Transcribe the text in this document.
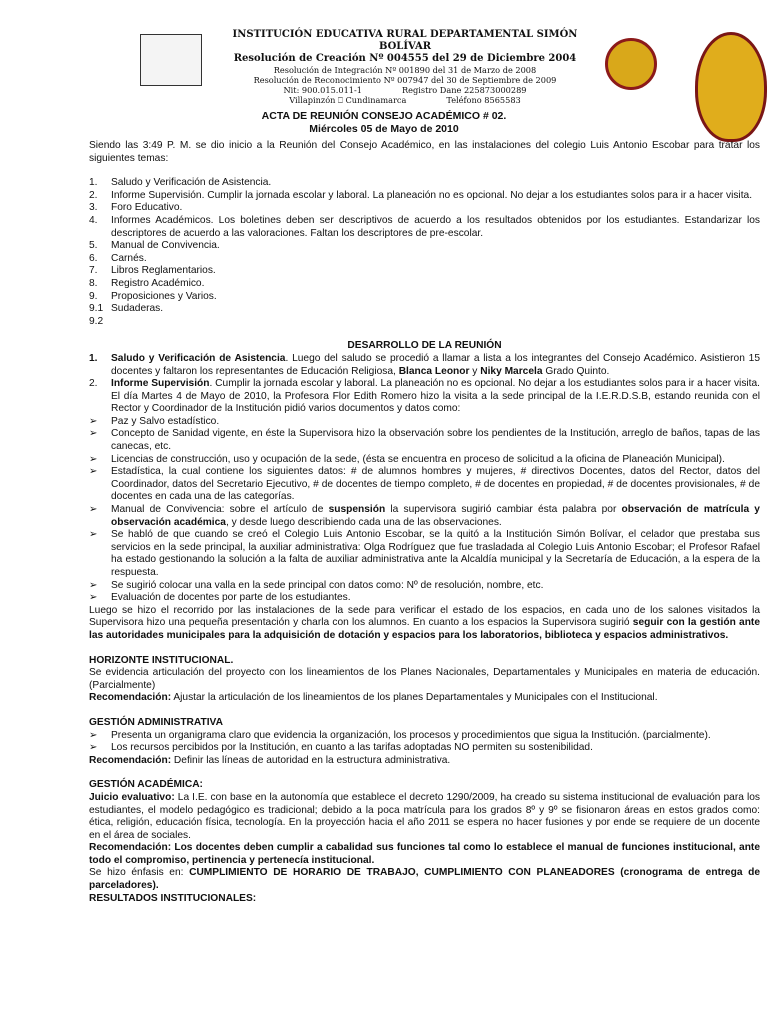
INSTITUCIÓN EDUCATIVA RURAL DEPARTAMENTAL SIMÓN BOLÍVAR
Resolución de Creación Nº 004555 del 29 de Diciembre 2004
Resolución de Integración Nº 001890 del 31 de Marzo de 2008
Resolución de Reconocimiento Nº 007947 del 30 de Septiembre de 2009
Nit: 900.015.011-1	Registro Dane 225873000289
Villapinzón ⎕ Cundinamarca	Teléfono 8565583
ACTA DE REUNIÓN CONSEJO ACADÉMICO # 02.
Miércoles 05 de Mayo de 2010

Siendo las 3:49 P. M. se dio inicio a la Reunión del Consejo Académico, en las instalaciones del colegio Luis Antonio Escobar para tratar los siguientes temas:

1.	Saludo y Verificación de Asistencia.
2.	Informe Supervisión. Cumplir la jornada escolar y laboral. La planeación no es opcional. No dejar a los estudiantes solos para ir a hacer visita.
3.	Foro Educativo.
4.	Informes Académicos. Los boletines deben ser descriptivos de acuerdo a los resultados obtenidos por los estudiantes. Estandarizar los descriptores de acuerdo a las valoraciones. Faltan los descriptores de pre-escolar.
5.	Manual de Convivencia.
6.	Carnés.
7.	Libros Reglamentarios.
8.	Registro Académico.
9.	Proposiciones y Varios.
9.1 Sudaderas.
9.2

DESARROLLO DE LA REUNIÓN

1.	Saludo y Verificación de Asistencia. Luego del saludo se procedió a llamar a lista a los integrantes del Consejo Académico. Asistieron 15 docentes y faltaron los representantes de Educación Religiosa, Blanca Leonor y Niky Marcela Grado Quinto.
2.	Informe Supervisión. Cumplir la jornada escolar y laboral. La planeación no es opcional. No dejar a los estudiantes solos para ir a hacer visita. El día Martes 4 de Mayo de 2010, la Profesora Flor Edith Romero hizo la visita a la sede principal de la I.E.R.D.S.B, estando reunida con el Rector y Coordinador de la Institución pidió varios documentos y datos como:
➢	Paz y Salvo estadístico.
➢	Concepto de Sanidad vigente, en éste la Supervisora hizo la observación sobre los pendientes de la Institución, arreglo de baños, tapas de las canecas, etc.
➢	Licencias de construcción, uso y ocupación de la sede, (ésta se encuentra en proceso de solicitud a la oficina de Planeación Municipal).
➢	Estadística, la cual contiene los siguientes datos: # de alumnos hombres y mujeres, # directivos Docentes, datos del Rector, datos del Coordinador, datos del Secretario Ejecutivo, # de docentes de tiempo completo, # de docentes en propiedad, # de docentes provisionales, # de docentes en cada una de las categorías.
➢	Manual de Convivencia: sobre el artículo de suspensión la supervisora sugirió cambiar ésta palabra por observación de matrícula y observación académica, y desde luego describiendo cada una de las observaciones.
➢	Se habló de que cuando se creó el Colegio Luis Antonio Escobar, se la quitó a la Institución Simón Bolívar, el celador que prestaba sus servicios en la sede principal, la auxiliar administrativa: Olga Rodríguez que fue trasladada al Colegio Luis Antonio Escobar; el Profesor Rafael ha estado gestionando la solución a la falta de auxiliar administrativa ante la Alcaldía municipal y la Secretaría de Educación, a la espera de la respuesta.
➢	Se sugirió colocar una valla en la sede principal con datos como: Nº de resolución, nombre, etc.
➢	Evaluación de docentes por parte de los estudiantes.

Luego se hizo el recorrido por las instalaciones de la sede para verificar el estado de los espacios, en cada uno de los salones visitados la Supervisora hizo una pequeña presentación y charla con los alumnos. En cuanto a los espacios la Supervisora sugirió seguir con la gestión ante las autoridades municipales para la adquisición de dotación y espacios para los laboratorios, biblioteca y espacios administrativos.

HORIZONTE INSTITUCIONAL.

Se evidencia articulación del proyecto con los lineamientos de los Planes Nacionales, Departamentales y Municipales en materia de educación. (Parcialmente)

Recomendación: Ajustar la articulación de los lineamientos de los planes Departamentales y Municipales con el Institucional.

GESTIÓN ADMINISTRATIVA

➢	Presenta un organigrama claro que evidencia la organización, los procesos y procedimientos que sigua la Institución. (parcialmente).
➢	Los recursos percibidos por la Institución, en cuanto a las tarifas adoptadas NO permiten su sostenibilidad.

Recomendación: Definir las líneas de autoridad en la estructura administrativa.

GESTIÓN ACADÉMICA:

Juicio evaluativo: La I.E. con base en la autonomía que establece el decreto 1290/2009, ha creado su sistema institucional de evaluación para los estudiantes, el modelo pedagógico es tradicional; debido a la poca matrícula para los grados 8º y 9º se fisionaron áreas en estos grados como: ética, religión, educación física, tecnología. En la proyección hacia el año 2011 se espera no hacer fusiones y por ende se requiere de un docente en el área de sociales.

Recomendación: Los docentes deben cumplir a cabalidad sus funciones tal como lo establece el manual de funciones institucional, ante todo el compromiso, pertinencia y pertenecía institucional.

Se hizo énfasis en: CUMPLIMIENTO DE HORARIO DE TRABAJO, CUMPLIMIENTO CON PLANEADORES (cronograma de entrega de parceladores).

RESULTADOS INSTITUCIONALES:
